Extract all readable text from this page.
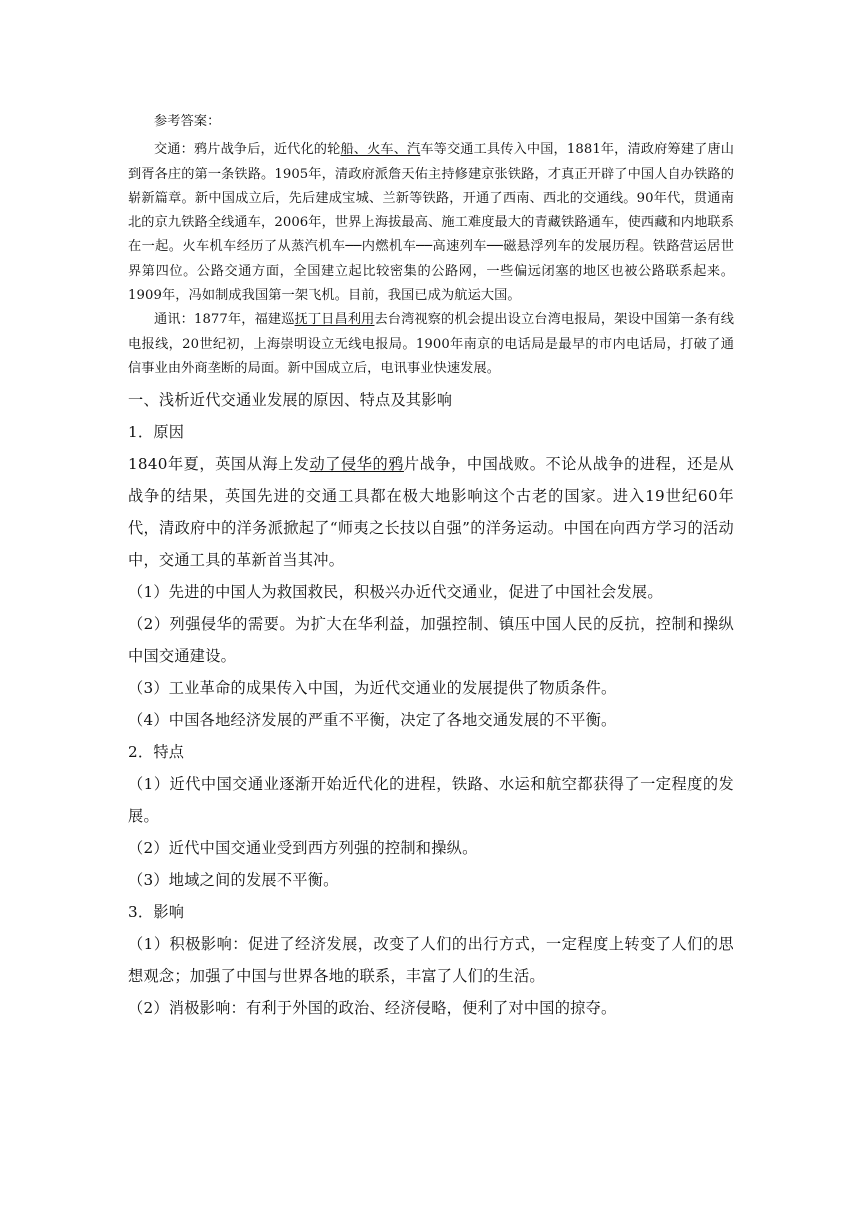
参考答案：

交通：鸦片战争后，近代化的轮船、火车、汽车等交通工具传入中国，1881年，清政府筹建了唐山到胥各庄的第一条铁路。1905年，清政府派詹天佑主持修建京张铁路，才真正开辟了中国人自办铁路的崭新篇章。新中国成立后，先后建成宝城、兰新等铁路，开通了西南、西北的交通线。90年代，贯通南北的京九铁路全线通车，2006年，世界上海拔最高、施工难度最大的青藏铁路通车，使西藏和内地联系在一起。火车机车经历了从蒸汽机车──内燃机车──高速列车──磁悬浮列车的发展历程。铁路营运居世界第四位。公路交通方面，全国建立起比较密集的公路网，一些偏远闭塞的地区也被公路联系起来。1909年，冯如制成我国第一架飞机。目前，我国已成为航运大国。

通讯：1877年，福建巡抚丁日昌利用去台湾视察的机会提出设立台湾电报局，架设中国第一条有线电报线，20世纪初，上海崇明设立无线电报局。1900年南京的电话局是最早的市内电话局，打破了通信事业由外商垄断的局面。新中国成立后，电讯事业快速发展。

一、浅析近代交通业发展的原因、特点及其影响

1．原因

1840年夏，英国从海上发动了侵华的鸦片战争，中国战败。不论从战争的进程，还是从战争的结果，英国先进的交通工具都在极大地影响这个古老的国家。进入19世纪60年代，清政府中的洋务派掀起了“师夷之长技以自强”的洋务运动。中国在向西方学习的活动中，交通工具的革新首当其冲。

（1）先进的中国人为救国救民，积极兴办近代交通业，促进了中国社会发展。

（2）列强侵华的需要。为扩大在华利益，加强控制、镇压中国人民的反抗，控制和操纵中国交通建设。

（3）工业革命的成果传入中国，为近代交通业的发展提供了物质条件。

（4）中国各地经济发展的严重不平衡，决定了各地交通发展的不平衡。

2．特点

（1）近代中国交通业逐渐开始近代化的进程，铁路、水运和航空都获得了一定程度的发展。

（2）近代中国交通业受到西方列强的控制和操纵。

（3）地域之间的发展不平衡。

3．影响

（1）积极影响：促进了经济发展，改变了人们的出行方式，一定程度上转变了人们的思想观念；加强了中国与世界各地的联系，丰富了人们的生活。

（2）消极影响：有利于外国的政治、经济侵略，便利了对中国的掠夺。
